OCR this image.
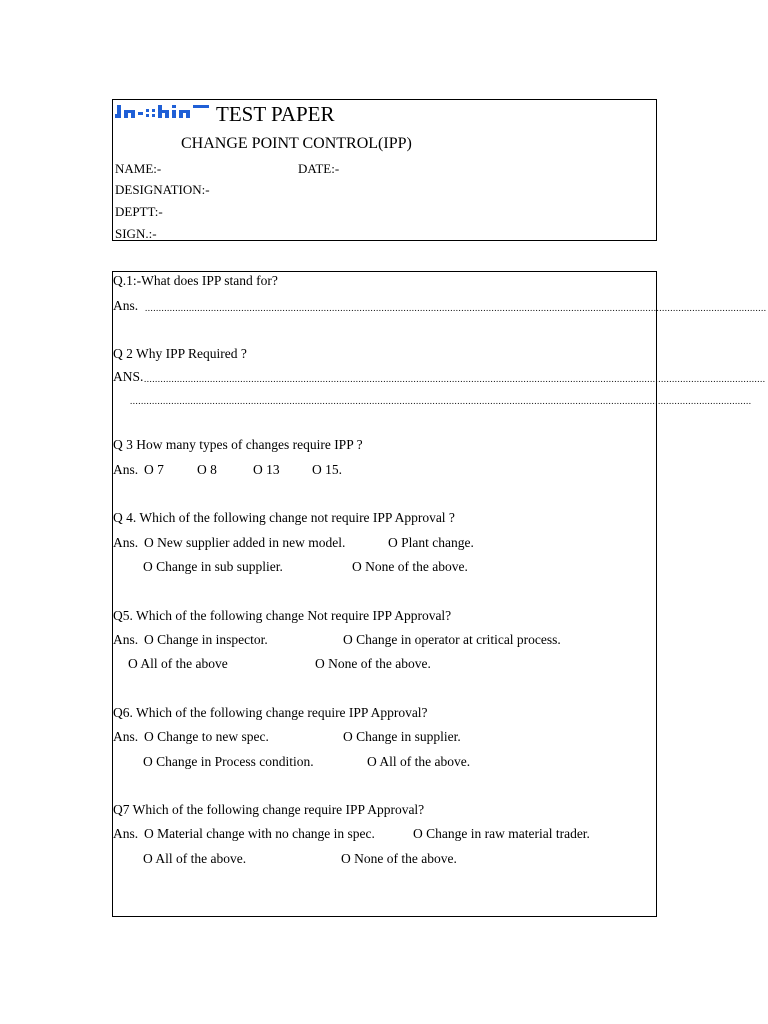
TEST PAPER
CHANGE POINT CONTROL(IPP)
NAME:-	DATE:-
DESIGNATION:-
DEPTT:-
SIGN.:-
Q.1:-What does IPP stand for?
Ans. ..................................................................................................................................................................................................................................
Q 2 Why IPP Required ?
ANS. ..................................................................................................................................................................................................................................
..................................................................................................................................................................................................................................
Q 3 How many types of changes require IPP ?
Ans. O 7 O 8	O 13 O 15.
Q 4. Which of the following change not require IPP Approval ?
Ans. O New supplier added in new model.	O Plant change.
O Change in sub supplier.	O None of the above.
Q5. Which of the following change Not require IPP Approval?
Ans. O Change in inspector.	O Change in operator at critical process.
O All of the above	O None of the above.
Q6. Which of the following change require IPP Approval?
Ans. O Change to new spec.	O Change in supplier.
O Change in Process condition.	O All of the above.
Q7 Which of the following change require IPP Approval?
Ans. O Material change with no change in spec.	O Change in raw material trader.
O All of the above.	O None of the above.
